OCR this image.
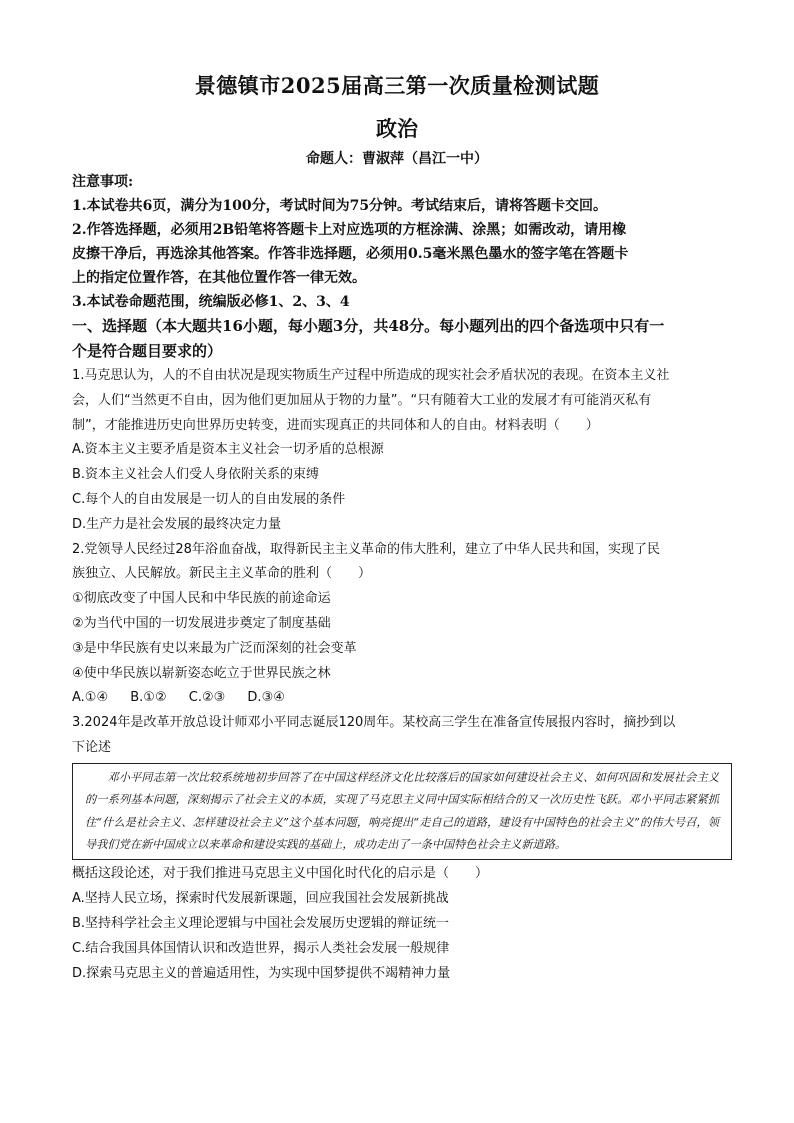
景德镇市2025届高三第一次质量检测试题
政治
命题人：曹淑萍（昌江一中）

注意事项:

1.本试卷共6页，满分为100分，考试时间为75分钟。考试结束后，请将答题卡交回。

2.作答选择题，必须用2B铅笔将答题卡上对应选项的方框涂满、涂黑；如需改动，请用橡

皮擦干净后，再选涂其他答案。作答非选择题，必须用0.5毫米黑色墨水的签字笔在答题卡

上的指定位置作答，在其他位置作答一律无效。

3.本试卷命题范围，统编版必修1、2、3、4

一、选择题（本大题共16小题，每小题3分，共48分。每小题列出的四个备选项中只有一

个是符合题目要求的）

1.马克思认为，人的不自由状况是现实物质生产过程中所造成的现实社会矛盾状况的表现。在资本主义社

会，人们“当然更不自由，因为他们更加屈从于物的力量”。“只有随着大工业的发展才有可能消灭私有

制”，才能推进历史向世界历史转变，进而实现真正的共同体和人的自由。材料表明（　　）

A.资本主义主要矛盾是资本主义社会一切矛盾的总根源

B.资本主义社会人们受人身依附关系的束缚

C.每个人的自由发展是一切人的自由发展的条件

D.生产力是社会发展的最终决定力量

2.党领导人民经过28年浴血奋战，取得新民主主义革命的伟大胜利，建立了中华人民共和国，实现了民

族独立、人民解放。新民主主义革命的胜利（　　）

①彻底改变了中国人民和中华民族的前途命运

②为当代中国的一切发展进步奠定了制度基础

③是中华民族有史以来最为广泛而深刻的社会变革

④使中华民族以崭新姿态屹立于世界民族之林

A.①④ B.①② C.②③ D.③④

3.2024年是改革开放总设计师邓小平同志诞辰120周年。某校高三学生在准备宣传展报内容时，摘抄到以

下论述

邓小平同志第一次比较系统地初步回答了在中国这样经济文化比较落后的国家如何建设社会主义、如何巩固和发展社会主义的一系列基本问题，深刻揭示了社会主义的本质，实现了马克思主义同中国实际相结合的又一次历史性飞跃。邓小平同志紧紧抓住“什么是社会主义、怎样建设社会主义”这个基本问题，响亮提出“走自己的道路，建设有中国特色的社会主义”的伟大号召，领导我们党在新中国成立以来革命和建设实践的基础上，成功走出了一条中国特色社会主义新道路。

概括这段论述，对于我们推进马克思主义中国化时代化的启示是（　　）

A.坚持人民立场，探索时代发展新课题，回应我国社会发展新挑战

B.坚持科学社会主义理论逻辑与中国社会发展历史逻辑的辩证统一

C.结合我国具体国情认识和改造世界，揭示人类社会发展一般规律

D.探索马克思主义的普遍适用性，为实现中国梦提供不竭精神力量
